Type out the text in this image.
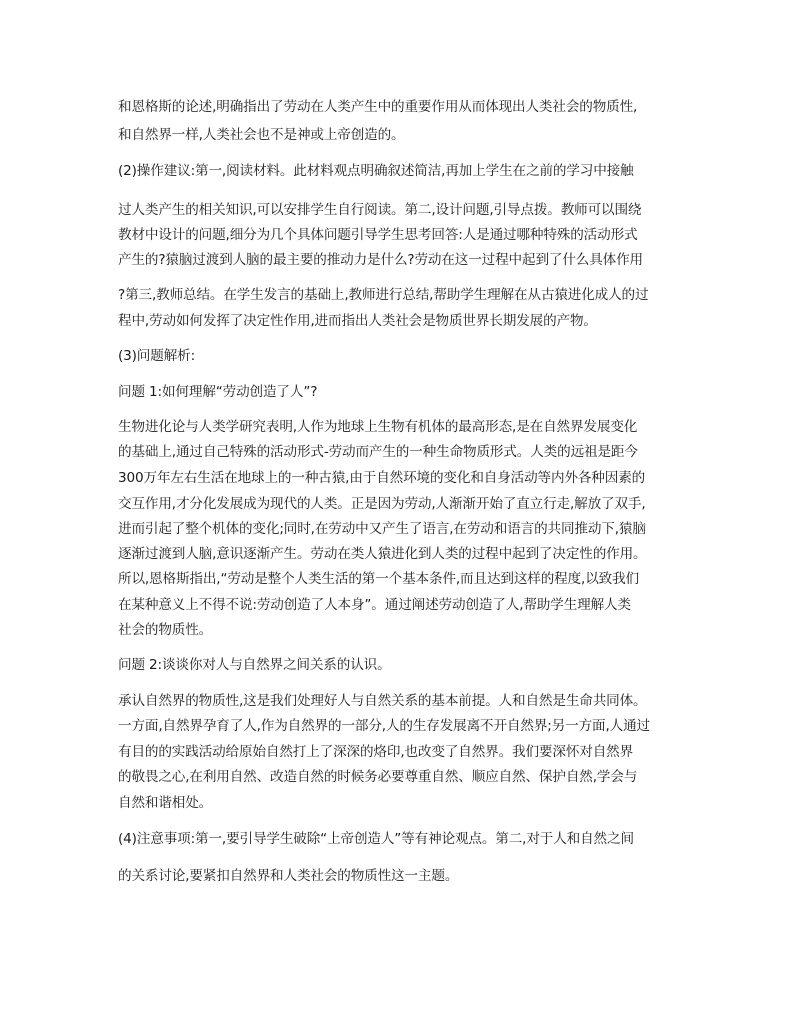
和恩格斯的论述,明确指出了劳动在人类产生中的重要作用从而体现出人类社会的物质性,
和自然界一样,人类社会也不是神或上帝创造的。
(2)操作建议:第一,阅读材料。此材料观点明确叙述简洁,再加上学生在之前的学习中接触
过人类产生的相关知识,可以安排学生自行阅读。第二,设计问题,引导点拨。教师可以围绕
教材中设计的问题,细分为几个具体问题引导学生思考回答:人是通过哪种特殊的活动形式
产生的?猿脑过渡到人脑的最主要的推动力是什么?劳动在这一过程中起到了什么具体作用
?第三,教师总结。在学生发言的基础上,教师进行总结,帮助学生理解在从古猿进化成人的过
程中,劳动如何发挥了决定性作用,进而指出人类社会是物质世界长期发展的产物。
(3)问题解析:
问题 1:如何理解“劳动创造了人”?
生物进化论与人类学研究表明,人作为地球上生物有机体的最高形态,是在自然界发展变化
的基础上,通过自己特殊的活动形式-劳动而产生的一种生命物质形式。人类的远祖是距今
300万年左右生活在地球上的一种古猿,由于自然环境的变化和自身活动等内外各种因素的
交互作用,才分化发展成为现代的人类。正是因为劳动,人渐渐开始了直立行走,解放了双手,
进而引起了整个机体的变化;同时,在劳动中又产生了语言,在劳动和语言的共同推动下,猿脑
逐渐过渡到人脑,意识逐渐产生。劳动在类人猿进化到人类的过程中起到了决定性的作用。
所以,恩格斯指出,“劳动是整个人类生活的第一个基本条件,而且达到这样的程度,以致我们
在某种意义上不得不说:劳动创造了人本身”。通过阐述劳动创造了人,帮助学生理解人类
社会的物质性。
问题 2:谈谈你对人与自然界之间关系的认识。
承认自然界的物质性,这是我们处理好人与自然关系的基本前提。人和自然是生命共同体。
一方面,自然界孕育了人,作为自然界的一部分,人的生存发展离不开自然界;另一方面,人通过
有目的的实践活动给原始自然打上了深深的烙印,也改变了自然界。我们要深怀对自然界
的敬畏之心,在利用自然、改造自然的时候务必要尊重自然、顺应自然、保护自然,学会与
自然和谐相处。
(4)注意事项:第一,要引导学生破除“上帝创造人”等有神论观点。第二,对于人和自然之间
的关系讨论,要紧扣自然界和人类社会的物质性这一主题。
